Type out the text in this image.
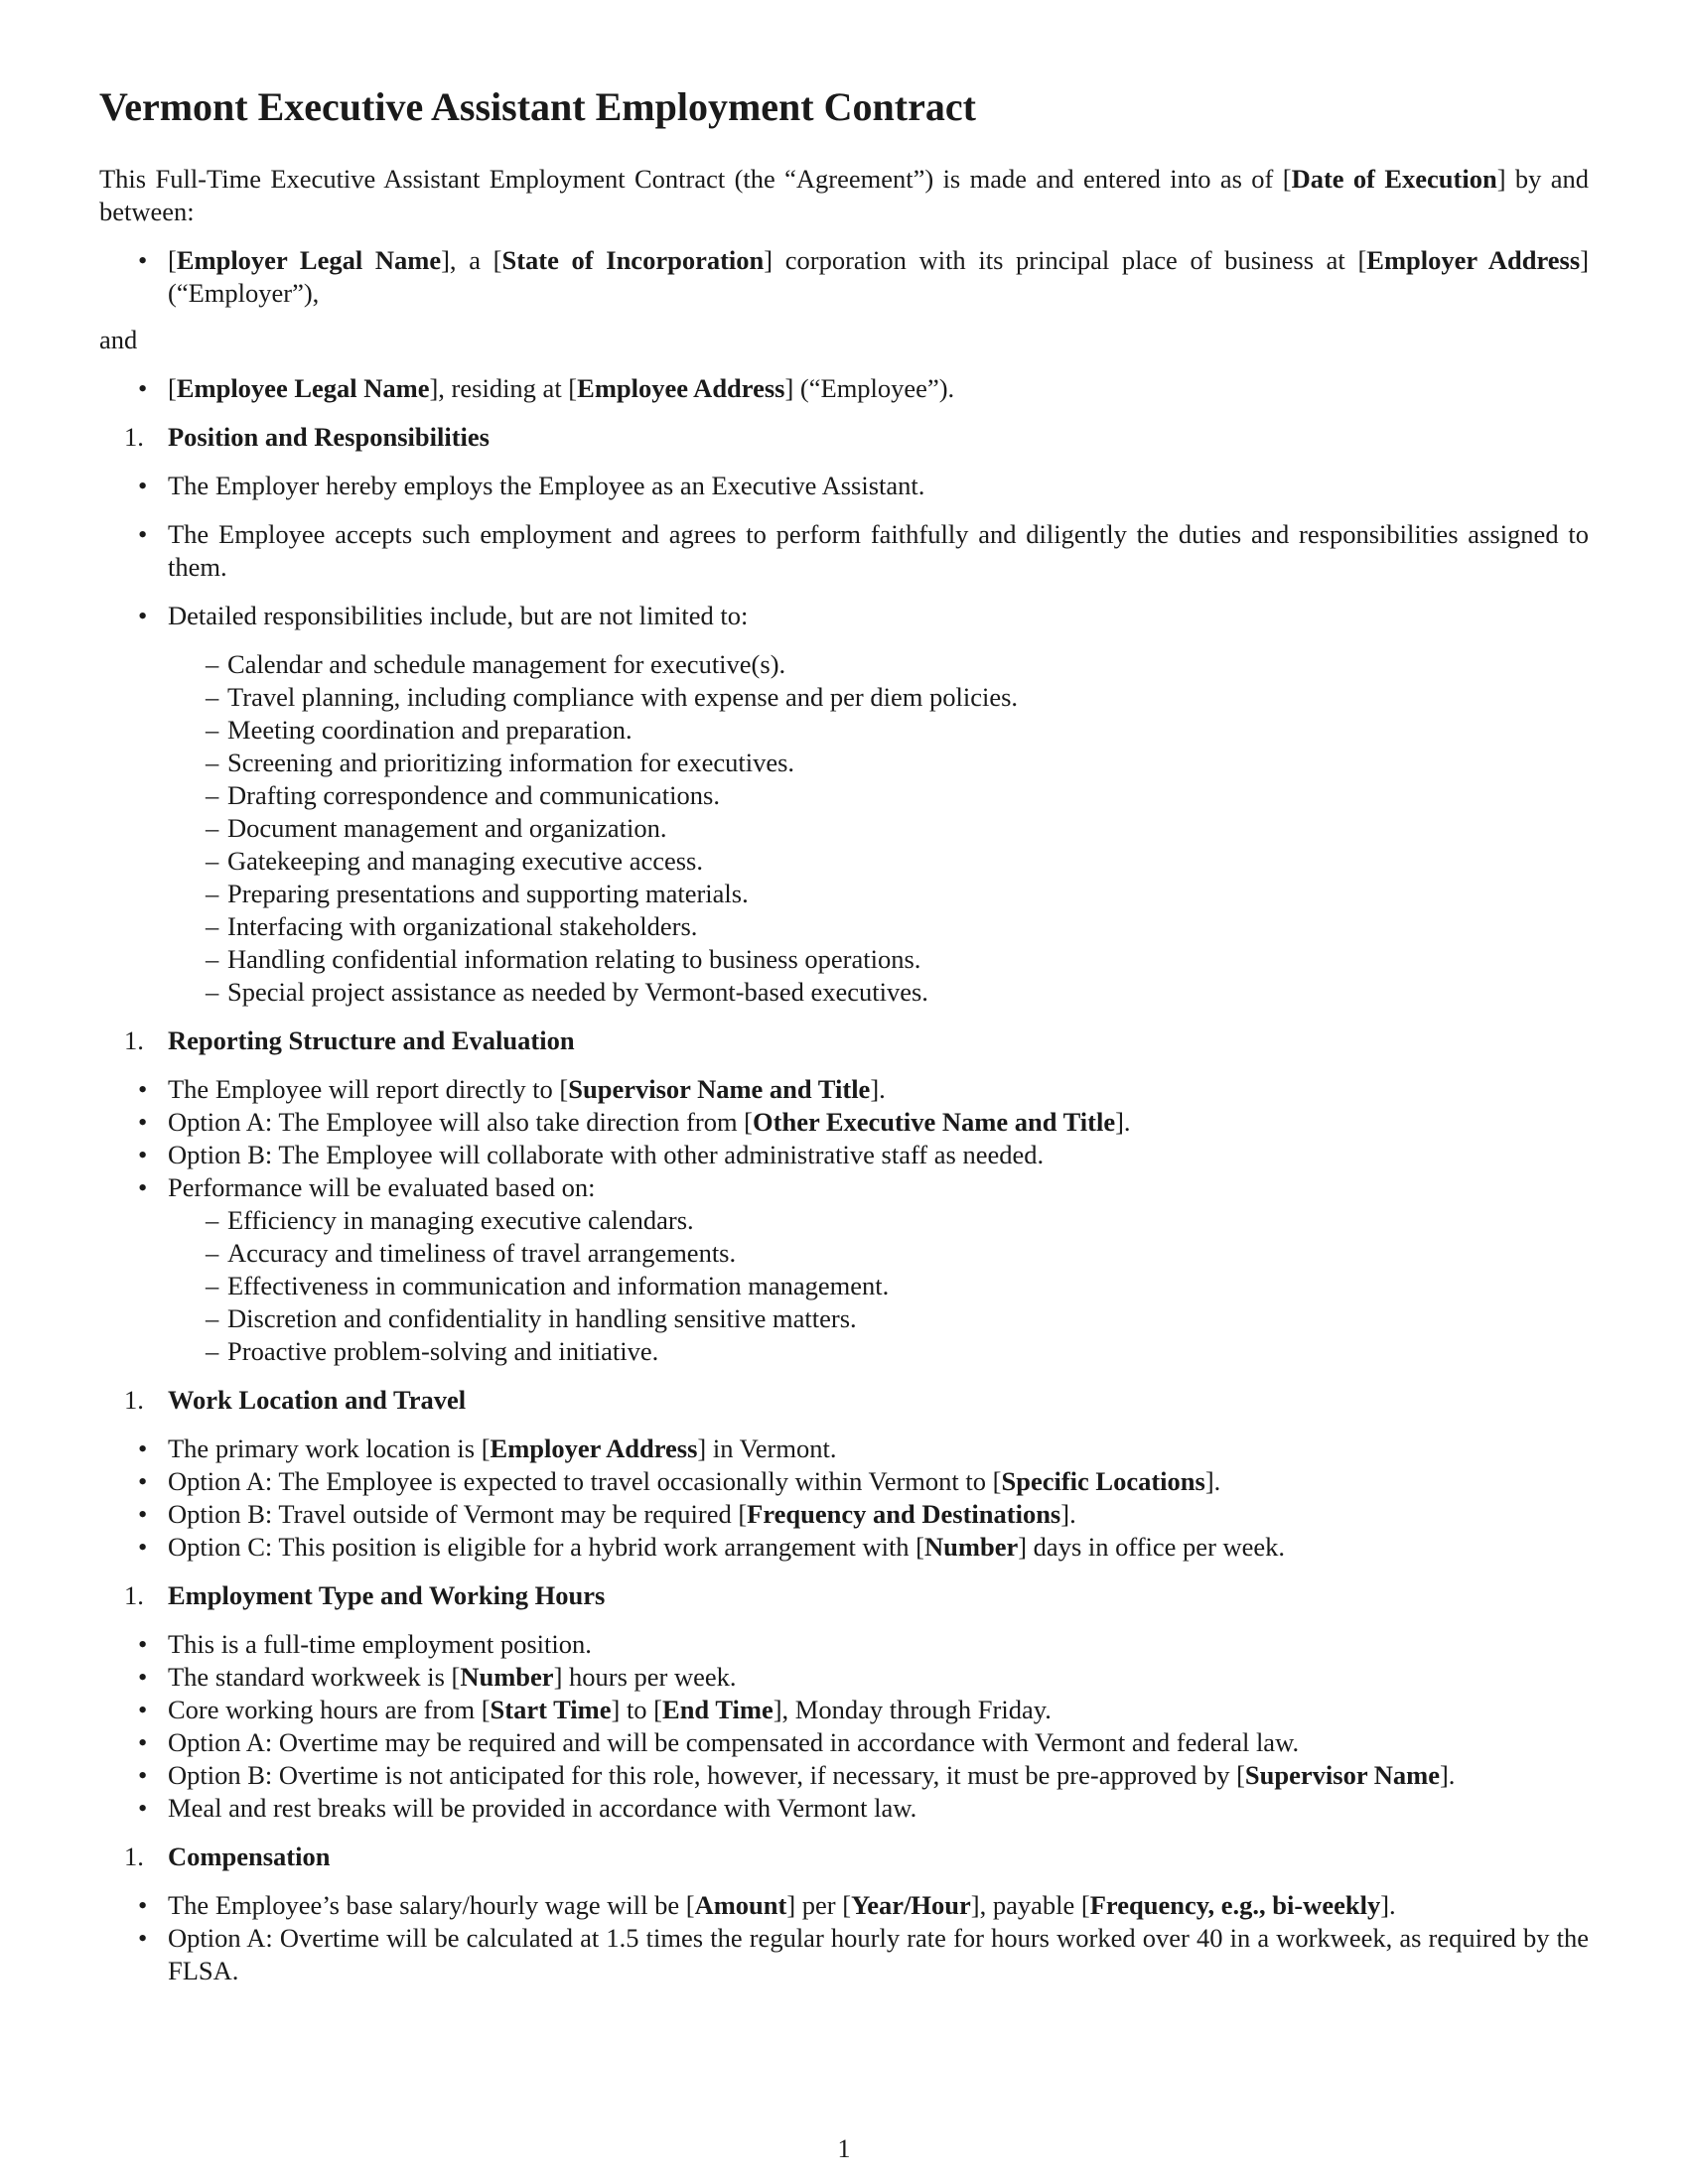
Vermont Executive Assistant Employment Contract

This Full-Time Executive Assistant Employment Contract (the “Agreement”) is made and entered into as of [Date of Execution] by and between:

• [Employer Legal Name], a [State of Incorporation] corporation with its principal place of business at [Employer Address] (“Employer”),

and

• [Employee Legal Name], residing at [Employee Address] (“Employee”).
1. Position and Responsibilities
• The Employer hereby employs the Employee as an Executive Assistant.
• The Employee accepts such employment and agrees to perform faithfully and diligently the duties and responsibilities assigned to them.
• Detailed responsibilities include, but are not limited to:
– Calendar and schedule management for executive(s).
– Travel planning, including compliance with expense and per diem policies.
– Meeting coordination and preparation.
– Screening and prioritizing information for executives.
– Drafting correspondence and communications.
– Document management and organization.
– Gatekeeping and managing executive access.
– Preparing presentations and supporting materials.
– Interfacing with organizational stakeholders.
– Handling confidential information relating to business operations.
– Special project assistance as needed by Vermont-based executives.
1. Reporting Structure and Evaluation
• The Employee will report directly to [Supervisor Name and Title].
• Option A: The Employee will also take direction from [Other Executive Name and Title].
• Option B: The Employee will collaborate with other administrative staff as needed.
• Performance will be evaluated based on:
– Efficiency in managing executive calendars.
– Accuracy and timeliness of travel arrangements.
– Effectiveness in communication and information management.
– Discretion and confidentiality in handling sensitive matters.
– Proactive problem-solving and initiative.
1. Work Location and Travel
• The primary work location is [Employer Address] in Vermont.
• Option A: The Employee is expected to travel occasionally within Vermont to [Specific Locations].
• Option B: Travel outside of Vermont may be required [Frequency and Destinations].
• Option C: This position is eligible for a hybrid work arrangement with [Number] days in office per week.
1. Employment Type and Working Hours
• This is a full-time employment position.
• The standard workweek is [Number] hours per week.
• Core working hours are from [Start Time] to [End Time], Monday through Friday.
• Option A: Overtime may be required and will be compensated in accordance with Vermont and federal law.
• Option B: Overtime is not anticipated for this role, however, if necessary, it must be pre-approved by [Supervisor Name].
• Meal and rest breaks will be provided in accordance with Vermont law.
1. Compensation
• The Employee’s base salary/hourly wage will be [Amount] per [Year/Hour], payable [Frequency, e.g., bi-weekly].
• Option A: Overtime will be calculated at 1.5 times the regular hourly rate for hours worked over 40 in a workweek, as required by the FLSA.
1
